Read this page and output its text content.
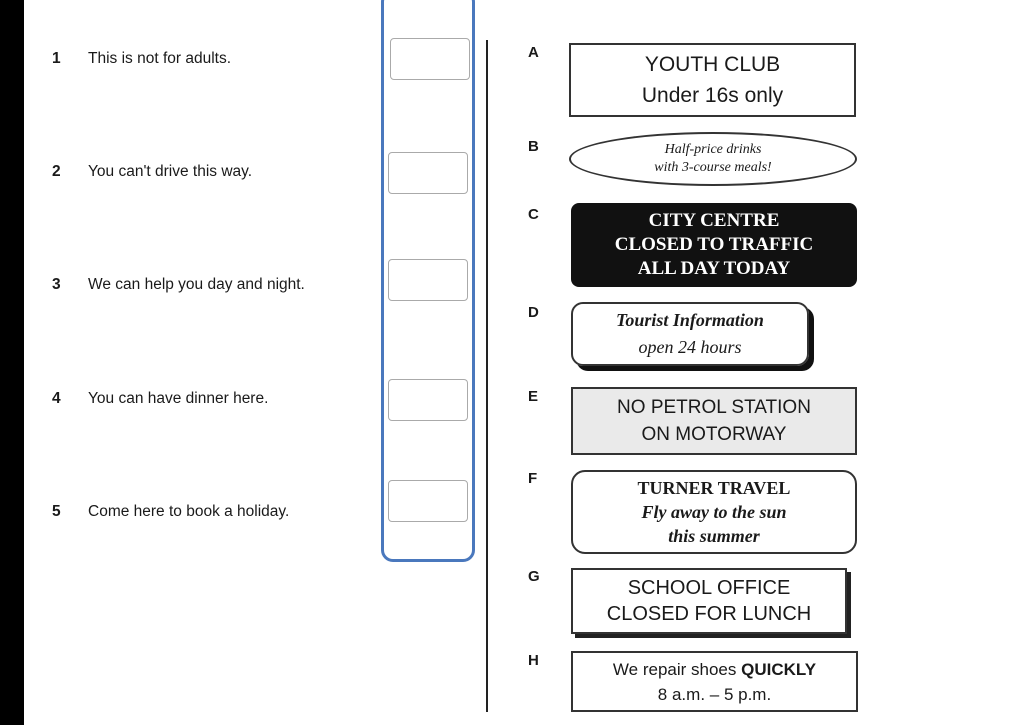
1 This is not for adults.
2 You can't drive this way.
3 We can help you day and night.
4 You can have dinner here.
5 Come here to book a holiday.
A
B
C
D
E
F
G
H
YOUTH CLUB
Under 16s only
Half-price drinks
with 3-course meals!
CITY CENTRE
CLOSED TO TRAFFIC
ALL DAY TODAY
Tourist Information
open 24 hours
NO PETROL STATION
ON MOTORWAY
TURNER TRAVEL
Fly away to the sun
this summer
SCHOOL OFFICE
CLOSED FOR LUNCH
We repair shoes QUICKLY
8 a.m. – 5 p.m.
